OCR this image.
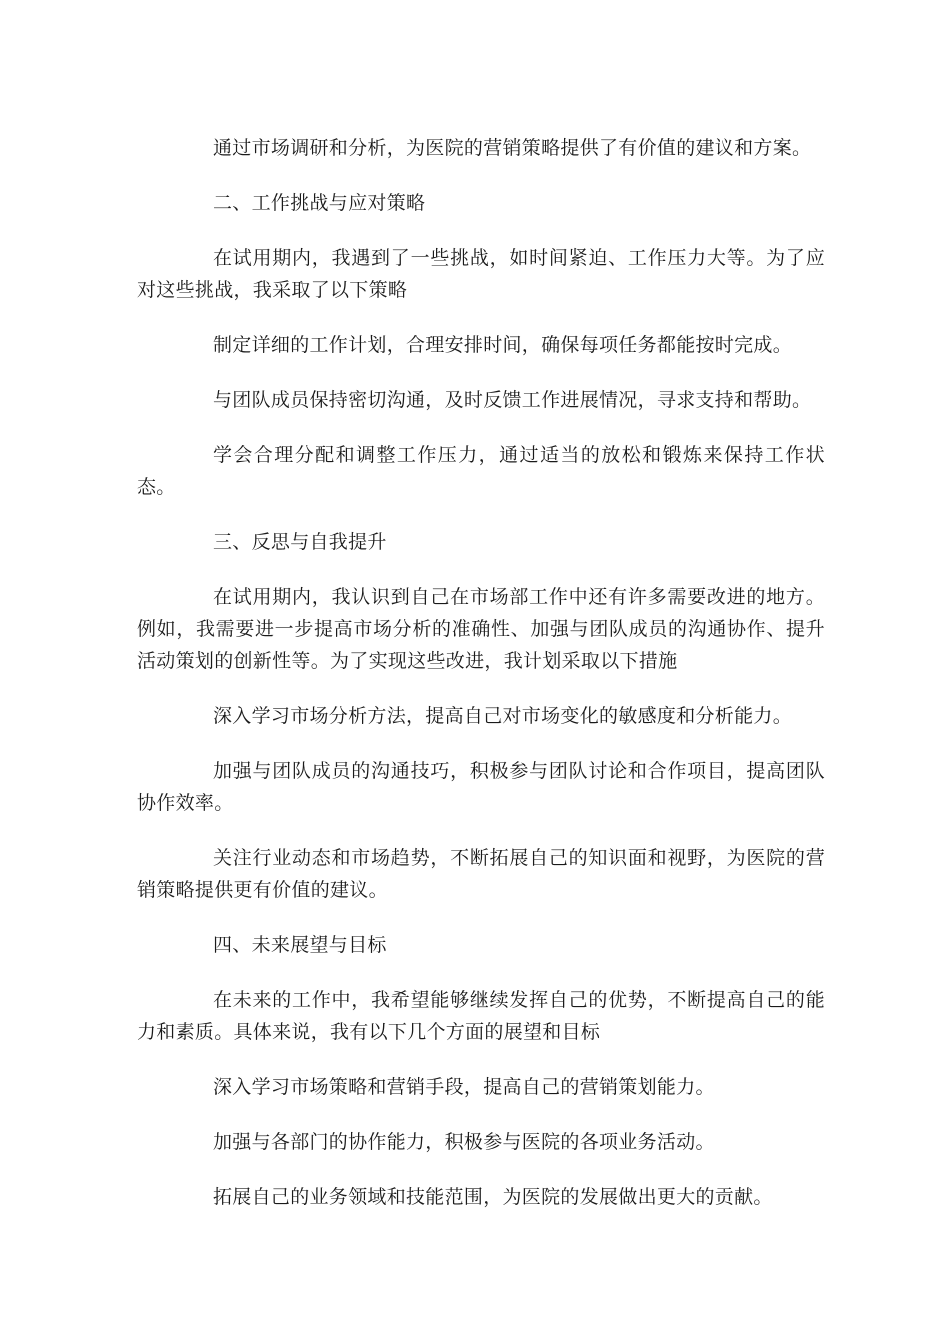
通过市场调研和分析，为医院的营销策略提供了有价值的建议和方案。

二、工作挑战与应对策略

在试用期内，我遇到了一些挑战，如时间紧迫、工作压力大等。为了应对这些挑战，我采取了以下策略

制定详细的工作计划，合理安排时间，确保每项任务都能按时完成。

与团队成员保持密切沟通，及时反馈工作进展情况，寻求支持和帮助。

学会合理分配和调整工作压力，通过适当的放松和锻炼来保持工作状态。

三、反思与自我提升

在试用期内，我认识到自己在市场部工作中还有许多需要改进的地方。例如，我需要进一步提高市场分析的准确性、加强与团队成员的沟通协作、提升活动策划的创新性等。为了实现这些改进，我计划采取以下措施

深入学习市场分析方法，提高自己对市场变化的敏感度和分析能力。

加强与团队成员的沟通技巧，积极参与团队讨论和合作项目，提高团队协作效率。

关注行业动态和市场趋势，不断拓展自己的知识面和视野，为医院的营销策略提供更有价值的建议。

四、未来展望与目标

在未来的工作中，我希望能够继续发挥自己的优势，不断提高自己的能力和素质。具体来说，我有以下几个方面的展望和目标

深入学习市场策略和营销手段，提高自己的营销策划能力。

加强与各部门的协作能力，积极参与医院的各项业务活动。

拓展自己的业务领域和技能范围，为医院的发展做出更大的贡献。
